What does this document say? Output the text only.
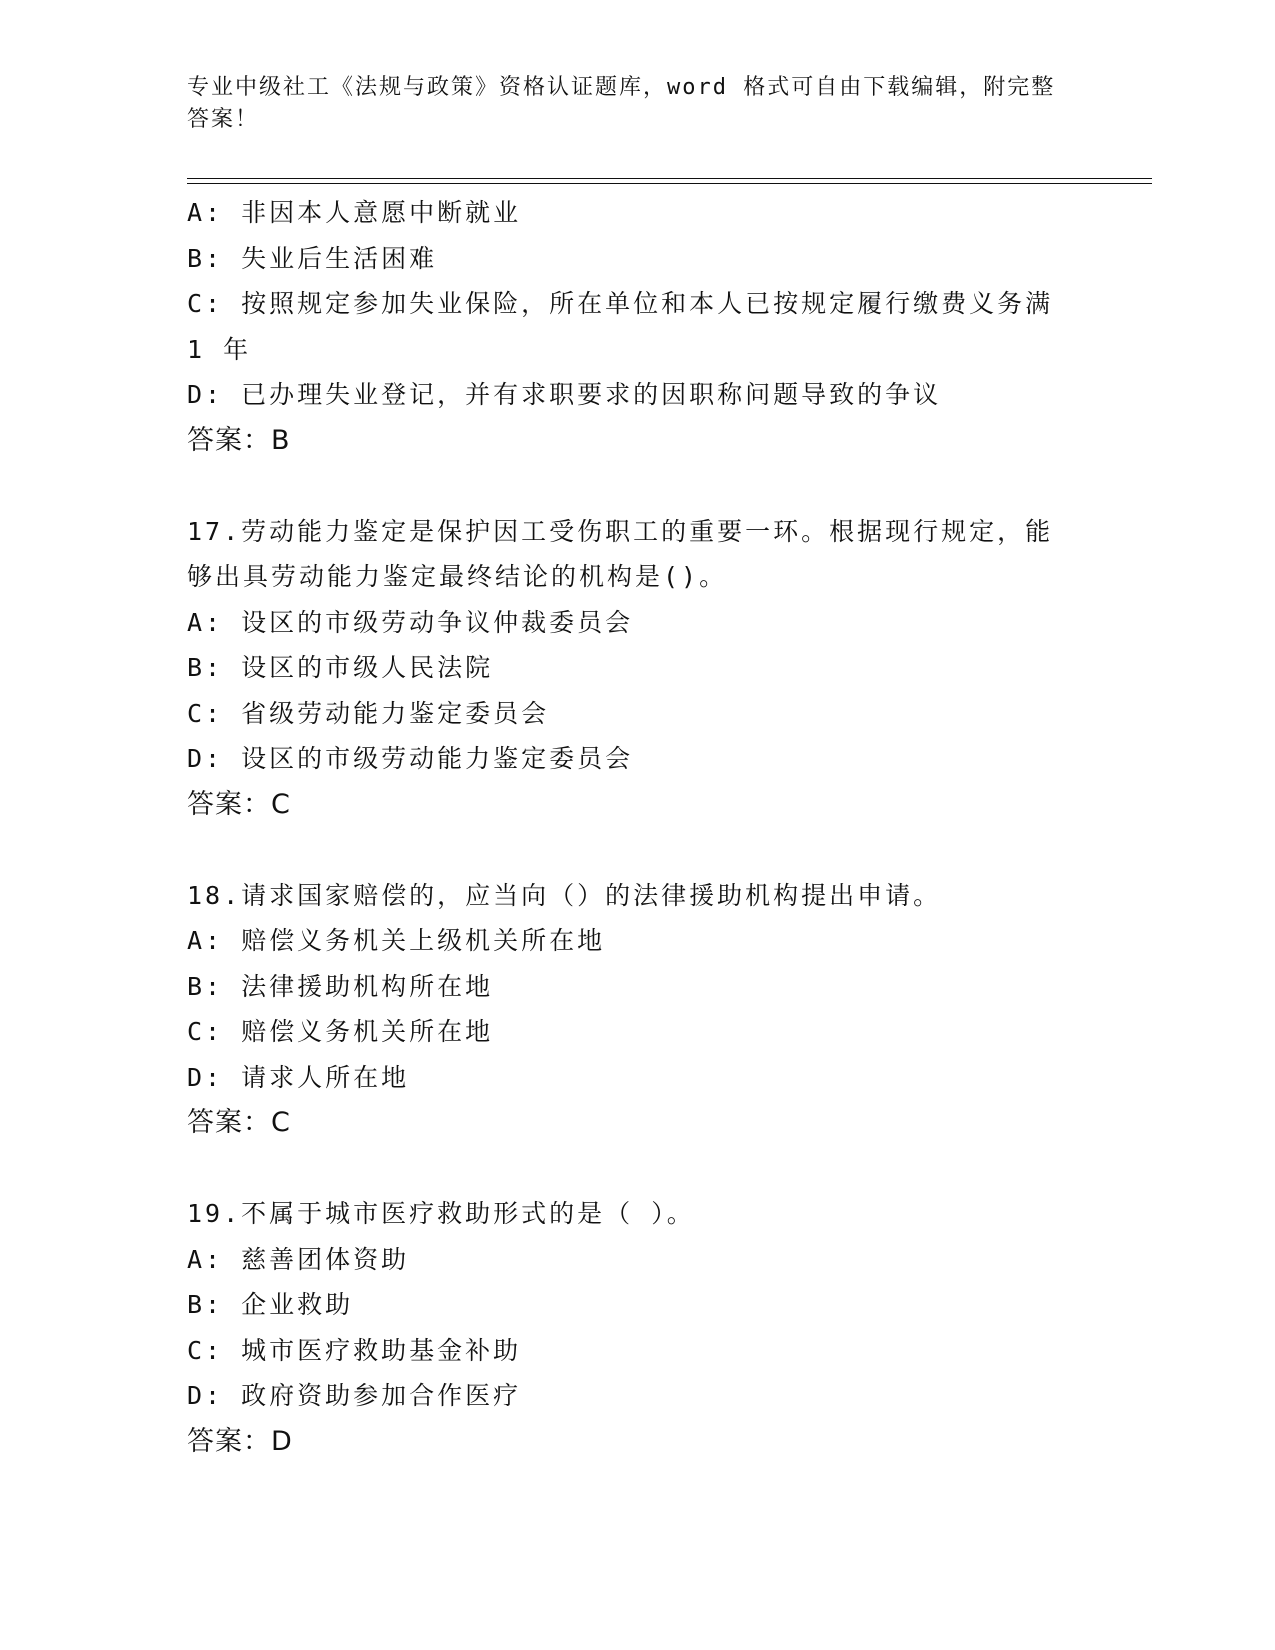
专业中级社工《法规与政策》资格认证题库，word 格式可自由下载编辑，附完整
答案！
A: 非因本人意愿中断就业
B: 失业后生活困难
C: 按照规定参加失业保险，所在单位和本人已按规定履行缴费义务满
1 年
D: 已办理失业登记，并有求职要求的因职称问题导致的争议
答案：B
17.劳动能力鉴定是保护因工受伤职工的重要一环。根据现行规定，能
够出具劳动能力鉴定最终结论的机构是()。
A: 设区的市级劳动争议仲裁委员会
B: 设区的市级人民法院
C: 省级劳动能力鉴定委员会
D: 设区的市级劳动能力鉴定委员会
答案：C
18.请求国家赔偿的，应当向（）的法律援助机构提出申请。
A: 赔偿义务机关上级机关所在地
B: 法律援助机构所在地
C: 赔偿义务机关所在地
D: 请求人所在地
答案：C
19.不属于城市医疗救助形式的是（ ）。
A: 慈善团体资助
B: 企业救助
C: 城市医疗救助基金补助
D: 政府资助参加合作医疗
答案：D
